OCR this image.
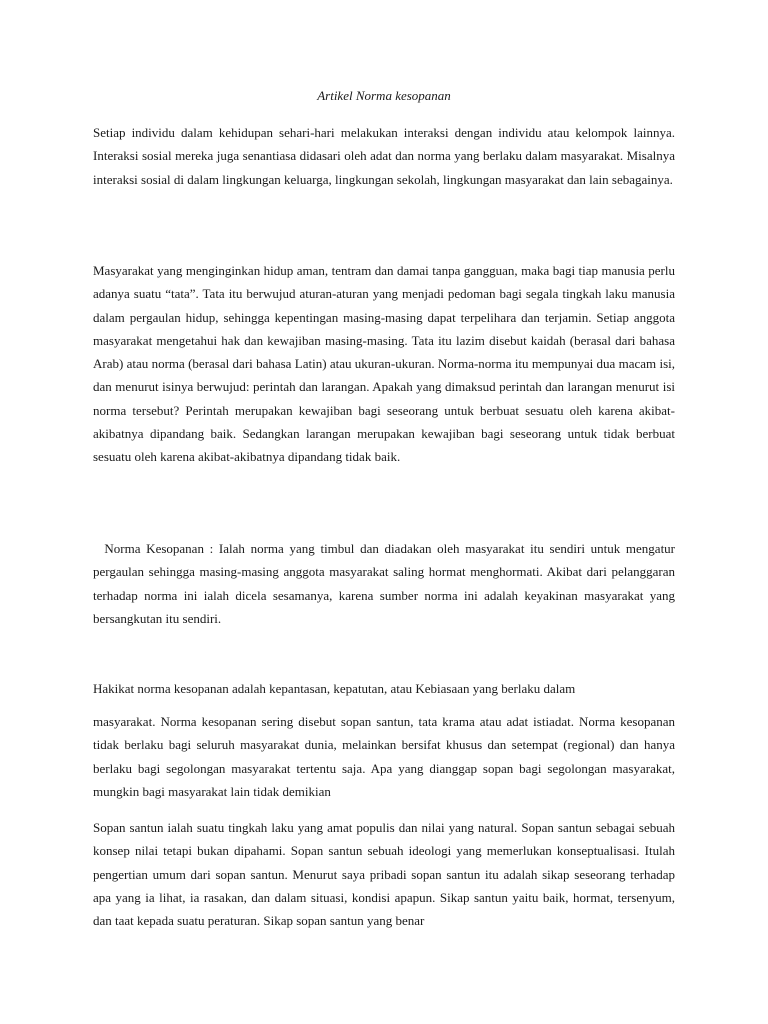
Artikel Norma kesopanan

Setiap individu dalam kehidupan sehari-hari melakukan interaksi dengan individu atau kelompok lainnya. Interaksi sosial mereka juga senantiasa didasari oleh adat dan norma yang berlaku dalam masyarakat. Misalnya interaksi sosial di dalam lingkungan keluarga, lingkungan sekolah, lingkungan masyarakat dan lain sebagainya.

Masyarakat yang menginginkan hidup aman, tentram dan damai tanpa gangguan, maka bagi tiap manusia perlu adanya suatu “tata”. Tata itu berwujud aturan-aturan yang menjadi pedoman bagi segala tingkah laku manusia dalam pergaulan hidup, sehingga kepentingan masing-masing dapat terpelihara dan terjamin. Setiap anggota masyarakat mengetahui hak dan kewajiban masing-masing. Tata itu lazim disebut kaidah (berasal dari bahasa Arab) atau norma (berasal dari bahasa Latin) atau ukuran-ukuran. Norma-norma itu mempunyai dua macam isi, dan menurut isinya berwujud: perintah dan larangan. Apakah yang dimaksud perintah dan larangan menurut isi norma tersebut? Perintah merupakan kewajiban bagi seseorang untuk berbuat sesuatu oleh karena akibat-akibatnya dipandang baik. Sedangkan larangan merupakan kewajiban bagi seseorang untuk tidak berbuat sesuatu oleh karena akibat-akibatnya dipandang tidak baik.

Norma Kesopanan : Ialah norma yang timbul dan diadakan oleh masyarakat itu sendiri untuk mengatur pergaulan sehingga masing-masing anggota masyarakat saling hormat menghormati. Akibat dari pelanggaran terhadap norma ini ialah dicela sesamanya, karena sumber norma ini adalah keyakinan masyarakat yang bersangkutan itu sendiri.

Hakikat norma kesopanan adalah kepantasan, kepatutan, atau Kebiasaan yang berlaku dalam

masyarakat. Norma kesopanan sering disebut sopan santun, tata krama atau adat istiadat. Norma kesopanan tidak berlaku bagi seluruh masyarakat dunia, melainkan bersifat khusus dan setempat (regional) dan hanya berlaku bagi segolongan masyarakat tertentu saja. Apa yang dianggap sopan bagi segolongan masyarakat, mungkin bagi masyarakat lain tidak demikian

Sopan santun ialah suatu tingkah laku yang amat populis dan nilai yang natural. Sopan santun sebagai sebuah konsep nilai tetapi bukan dipahami. Sopan santun sebuah ideologi yang memerlukan konseptualisasi. Itulah pengertian umum dari sopan santun. Menurut saya pribadi sopan santun itu adalah sikap seseorang terhadap apa yang ia lihat, ia rasakan, dan dalam situasi, kondisi apapun. Sikap santun yaitu baik, hormat, tersenyum, dan taat kepada suatu peraturan. Sikap sopan santun yang benar
